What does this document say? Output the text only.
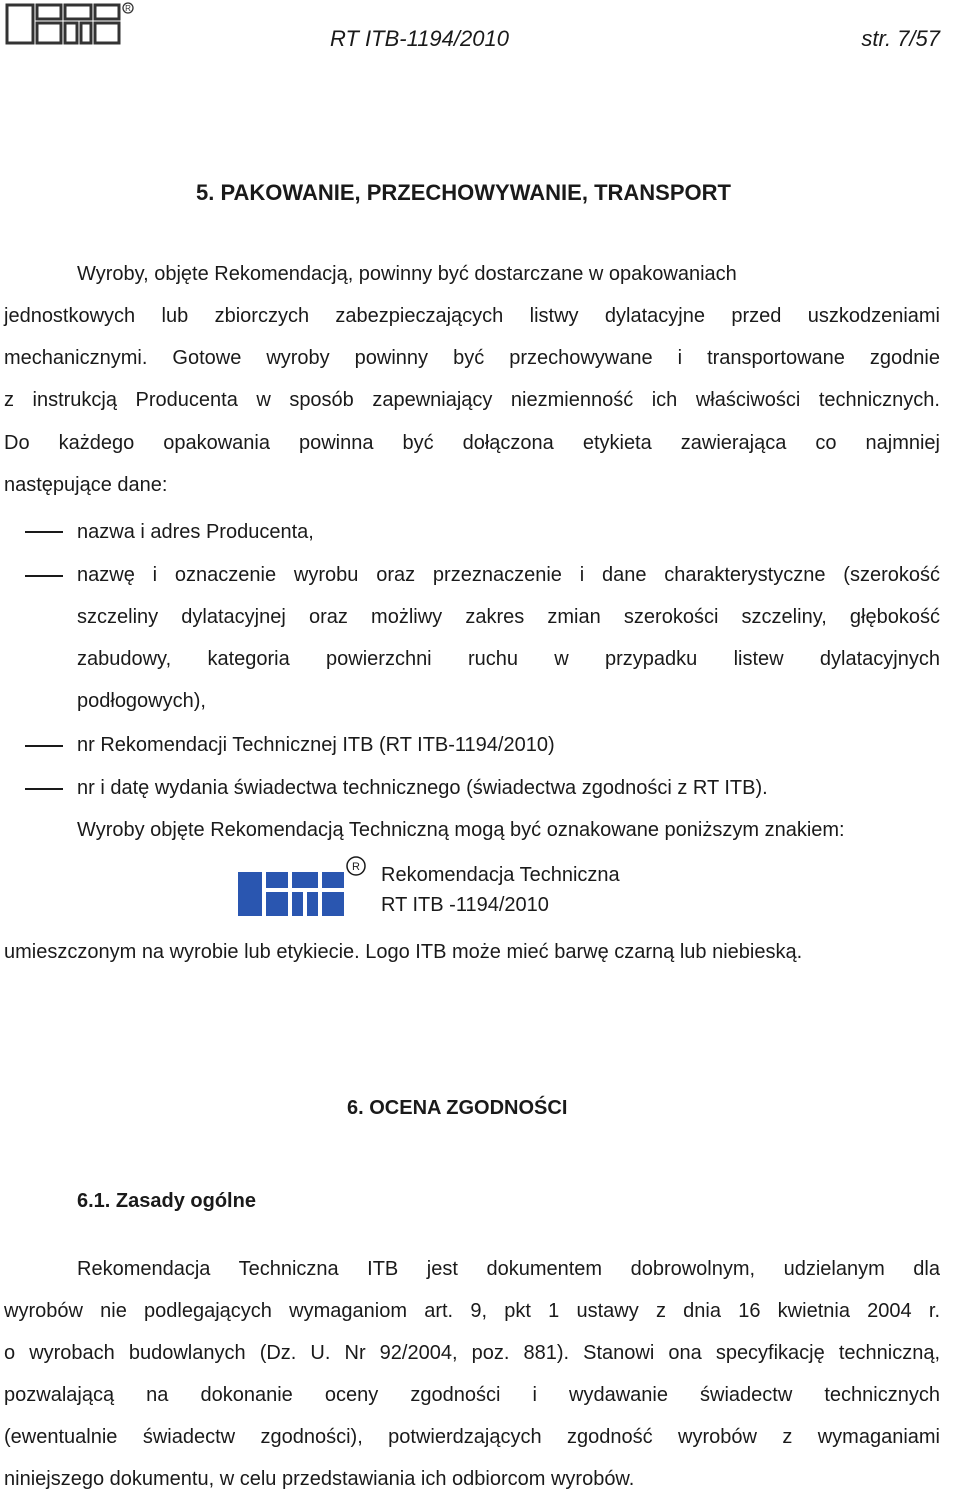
R
RT ITB-1194/2010	str. 7/57
5. PAKOWANIE, PRZECHOWYWANIE, TRANSPORT
Wyroby, objęte Rekomendacją, powinny być dostarczane w opakowaniach
jednostkowych lub zbiorczych zabezpieczających listwy dylatacyjne przed uszkodzeniami
mechanicznymi. Gotowe wyroby powinny być przechowywane i transportowane zgodnie
z instrukcją Producenta w sposób zapewniający niezmienność ich właściwości technicznych.
Do każdego opakowania powinna być dołączona etykieta zawierająca co najmniej
następujące dane:
nazwa i adres Producenta,
nazwę i oznaczenie wyrobu oraz przeznaczenie i dane charakterystyczne (szerokość
szczeliny dylatacyjnej oraz możliwy zakres zmian szerokości szczeliny, głębokość
zabudowy, kategoria powierzchni ruchu w przypadku listew dylatacyjnych
podłogowych),
nr Rekomendacji Technicznej ITB (RT ITB-1194/2010)
nr i datę wydania świadectwa technicznego (świadectwa zgodności z RT ITB).
Wyroby objęte Rekomendacją Techniczną mogą być oznakowane poniższym znakiem:
R Rekomendacja Techniczna
RT ITB -1194/2010
umieszczonym na wyrobie lub etykiecie. Logo ITB może mieć barwę czarną lub niebieską.
6. OCENA ZGODNOŚCI
6.1. Zasady ogólne
Rekomendacja Techniczna ITB jest dokumentem dobrowolnym, udzielanym dla
wyrobów nie podlegających wymaganiom art. 9, pkt 1 ustawy z dnia 16 kwietnia 2004 r.
o wyrobach budowlanych (Dz. U. Nr 92/2004, poz. 881). Stanowi ona specyfikację techniczną,
pozwalającą na dokonanie oceny zgodności i wydawanie świadectw technicznych
(ewentualnie świadectw zgodności), potwierdzających zgodność wyrobów z wymaganiami
niniejszego dokumentu, w celu przedstawiania ich odbiorcom wyrobów.
